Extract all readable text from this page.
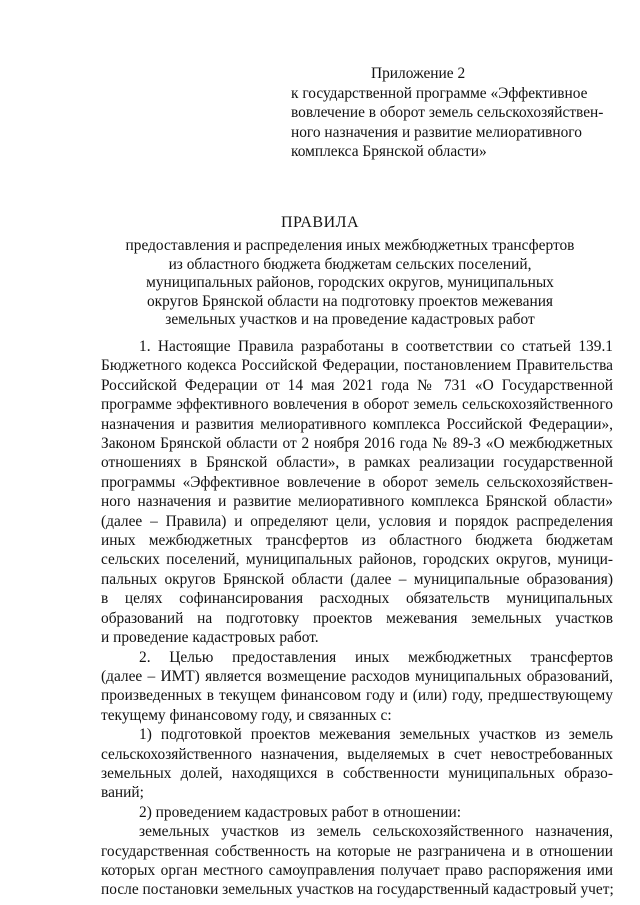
Приложение 2
к государственной программе «Эффективное
вовлечение в оборот земель сельскохозяйствен-
ного назначения и развитие мелиоративного
комплекса Брянской области»
ПРАВИЛА
предоставления и распределения иных межбюджетных трансфертов
из областного бюджета бюджетам сельских поселений,
муниципальных районов, городских округов, муниципальных
округов Брянской области на подготовку проектов межевания
земельных участков и на проведение кадастровых работ
1. Настоящие Правила разработаны в соответствии со статьей 139.1
Бюджетного кодекса Российской Федерации, постановлением Правительства
Российской Федерации от 14 мая 2021 года № 731 «О Государственной
программе эффективного вовлечения в оборот земель сельскохозяйственного
назначения и развития мелиоративного комплекса Российской Федерации»,
Законом Брянской области от 2 ноября 2016 года № 89-З «О межбюджетных
отношениях в Брянской области», в рамках реализации государственной
программы «Эффективное вовлечение в оборот земель сельскохозяйствен-
ного назначения и развитие мелиоративного комплекса Брянской области»
(далее – Правила) и определяют цели, условия и порядок распределения
иных межбюджетных трансфертов из областного бюджета бюджетам
сельских поселений, муниципальных районов, городских округов, муници-
пальных округов Брянской области (далее – муниципальные образования)
в целях софинансирования расходных обязательств муниципальных
образований на подготовку проектов межевания земельных участков
и проведение кадастровых работ.
2. Целью предоставления иных межбюджетных трансфертов
(далее – ИМТ) является возмещение расходов муниципальных образований,
произведенных в текущем финансовом году и (или) году, предшествующему
текущему финансовому году, и связанных с:
1) подготовкой проектов межевания земельных участков из земель
сельскохозяйственного назначения, выделяемых в счет невостребованных
земельных долей, находящихся в собственности муниципальных образо-
ваний;
2) проведением кадастровых работ в отношении:
земельных участков из земель сельскохозяйственного назначения,
государственная собственность на которые не разграничена и в отношении
которых орган местного самоуправления получает право распоряжения ими
после постановки земельных участков на государственный кадастровый учет;
